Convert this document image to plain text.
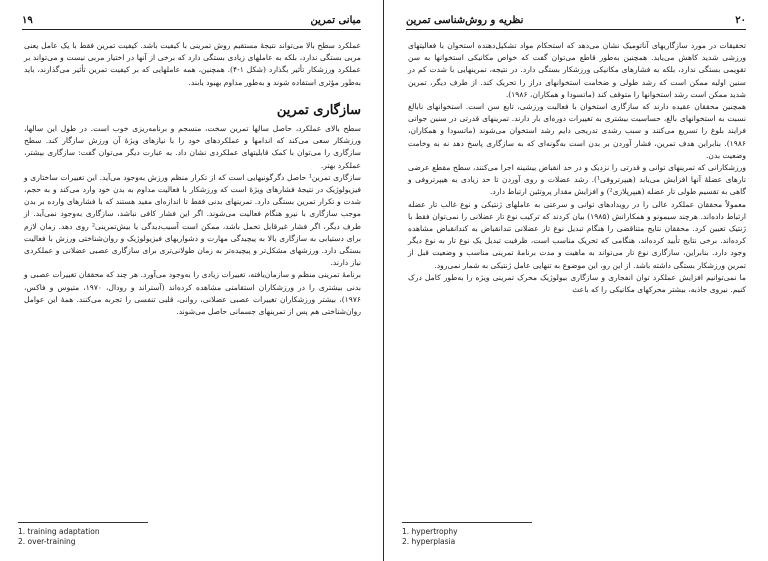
۱۹	مبانی تمرین

عملکرد سطح بالا می‌تواند نتیجهٔ مستقیم روش تمرینی با کیفیت باشد. کیفیت تمرین فقط با یک عامل یعنی مربی بستگی ندارد، بلکه به عاملهای زیادی بستگی دارد که برخی از آنها در اختیار مربی نیست و می‌تواند بر عملکرد ورزشکار تأثیر بگذارد (شکل ۱-۴). همچنین، همه عاملهایی که بر کیفیت تمرین تأثیر می‌گذارند، باید به‌طور مؤثری استفاده شوند و به‌طور مداوم بهبود یابند.

سازگاری تمرین

سطح بالای عملکرد، حاصل سالها تمرین سخت، منسجم و برنامه‌ریزی خوب است. در طول این سالها، ورزشکار سعی می‌کند که اندامها و عملکردهای خود را با نیازهای ویژهٔ آن ورزش سازگار کند. سطح سازگاری را می‌توان با کمک قابلیتهای عملکردی نشان داد. به عبارت دیگر می‌توان گفت: سازگاری بیشتر، عملکرد بهتر.

سازگاری تمرین¹ حاصل دگرگونیهایی است که از تکرار منظم ورزش به‌وجود می‌آید. این تغییرات ساختاری و فیزیولوژیک در نتیجهٔ فشارهای ویژهٔ است که ورزشکار با فعالیت مداوم به بدن خود وارد می‌کند و به حجم، شدت و تکرار تمرین بستگی دارد. تمرینهای بدنی فقط تا اندازه‌ای مفید هستند که با فشارهای وارده بر بدن موجب سازگاری با نیرو هنگام فعالیت می‌شوند. اگر این فشار کافی نباشد، سازگاری به‌وجود نمی‌آید. از طرف دیگر، اگر فشار غیرقابل تحمل باشد، ممکن است آسیب‌دیدگی یا بیش‌تمرینی² روی دهد. زمان لازم برای دستیابی به سازگاری بالا به پیچیدگی مهارت و دشواریهای فیزیولوژیک و روان‌شناختی ورزش با فعالیت بستگی دارد. ورزشهای مشکل‌تر و پیچیده‌تر به زمان طولانی‌تری برای سازگاری عصبی عضلانی و عملکردی نیاز دارند.

برنامهٔ تمرینی منظم و سازمان‌یافته، تغییرات زیادی را به‌وجود می‌آورد. هر چند که محققان تغییرات عصبی و بدنی بیشتری را در ورزشکاران استقامتی مشاهده کرده‌اند (آستراند و رودال، ۱۹۷۰، متیوس و فاکس، ۱۹۷۶)، بیشتر ورزشکاران تغییرات عصبی عضلانی، روانی، قلبی تنفسی را تجربه می‌کنند. همهٔ این عوامل روان‌شناختی هم پس از تمرینهای جسمانی حاصل می‌شوند.

1. training adaptation
2. over-training
نظریه و روش‌شناسی تمرین	۲۰

تحقیقات در مورد سازگاریهای آناتومیک نشان می‌دهد که استحکام مواد تشکیل‌دهنده استخوان با فعالیتهای ورزشی شدید کاهش می‌یابد. همچنین به‌طور قاطع می‌توان گفت که خواص مکانیکی استخوانها به سن تقویمی بستگی ندارد، بلکه به فشارهای مکانیکی ورزشکار بستگی دارد. در نتیجه، تمرینهایی با شدت کم در سنین اولیه ممکن است که رشد طولی و ضخامت استخوانهای دراز را تحریک کند. از طرف دیگر، تمرین شدید ممکن است رشد استخوانها را متوقف کند (ماتسودا و همکاران، ۱۹۸۶).

همچنین محققان عقیده دارند که سازگاری استخوان با فعالیت ورزشی، تابع سن است. استخوانهای نابالغ نسبت به استخوانهای بالغ، حساسیت بیشتری به تغییرات دوره‌ای بار دارند. تمرینهای قدرتی در سنین جوانی فرایند بلوغ را تسریع می‌کنند و سبب رشدی تدریجی دایم رشد استخوان می‌شوند (ماتسودا و همکاران، ۱۹۸۶). بنابراین هدف تمرین، فشار آوردن بر بدن است به‌گونه‌ای که به سازگاری پاسخ دهد نه به وخامت وضعیت بدن.

ورزشکارانی که تمرینهای توانی و قدرتی را نزدیک و در حد انقباض بیشینه اجرا می‌کنند، سطح مقطع عرضی تارهای عضلهٔ آنها افزایش می‌یابد (هیپرتروفی¹). رشد عضلات و روی آوردن تا حد زیادی به هیپرتروفی و گاهی به تقسیم طولی تار عضله (هیپرپلازی²) و افزایش مقدار پروتئین ارتباط دارد.

معمولاً محققان عملکرد عالی را در رویدادهای توانی و سرعتی به عاملهای ژنتیکی و نوع غالب تار عضله ارتباط داده‌اند. هرچند سیمونو و همکارانش (۱۹۸۵) بیان کردند که ترکیب نوع تار عضلانی را نمی‌توان فقط با ژنتیک تعیین کرد. محققان نتایج متناقضی را هنگام تبدیل نوع تار عضلانی تندانقباض به کندانقباض مشاهده کرده‌اند. برخی نتایج تأیید کرده‌اند، هنگامی که تحریک مناسب است، ظرفیت تبدیل یک نوع تار به نوع دیگر وجود دارد. بنابراین، سازگاری نوع تار می‌تواند به ماهیت و مدت برنامهٔ تمرینی مناسب و وضعیت قبل از تمرین ورزشکار بستگی داشته باشد. از این رو، این موضوع به تنهایی عامل ژنتیکی به شمار نمی‌رود.

ما نمی‌توانیم افزایش عملکرد توان انفجاری و سازگاری بیولوژیک محرک تمرینی ویژه را به‌طور کامل درک کنیم. نیروی جاذبه، بیشتر محرکهای مکانیکی را که باعث

1. hypertrophy
2. hyperplasia
